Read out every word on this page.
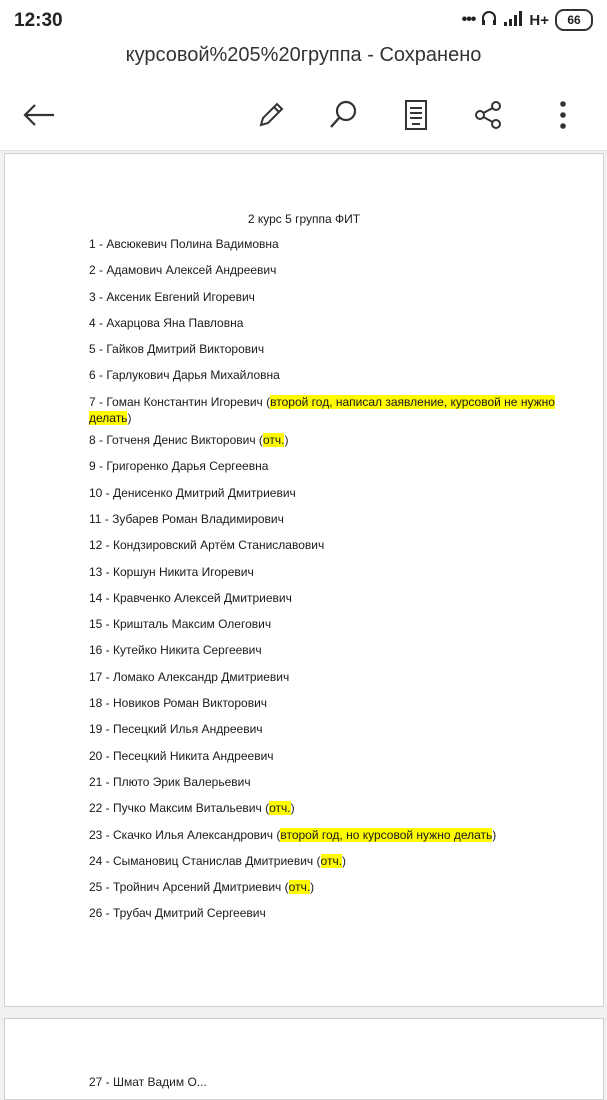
12:30	•••	H+	66
курсовой%205%20группа - Сохранено
2 курс 5 группа ФИТ
1 - Авсюкевич Полина Вадимовна
2 - Адамович Алексей Андреевич
3 - Аксеник Евгений Игоревич
4 - Ахарцова Яна Павловна
5 - Гайков Дмитрий Викторович
6 - Гарлукович Дарья Михайловна
7 - Гоман Константин Игоревич (второй год, написал заявление, курсовой не нужно делать)
8 - Готченя Денис Викторович (отч.)
9 - Григоренко Дарья Сергеевна
10 - Денисенко Дмитрий Дмитриевич
11 - Зубарев Роман Владимирович
12 - Кондзировский Артём Станиславович
13 - Коршун Никита Игоревич
14 - Кравченко Алексей Дмитриевич
15 - Кришталь Максим Олегович
16 - Кутейко Никита Сергеевич
17 - Ломако Александр Дмитриевич
18 - Новиков Роман Викторович
19 - Песецкий Илья Андреевич
20 - Песецкий Никита Андреевич
21 - Плюто Эрик Валерьевич
22 - Пучко Максим Витальевич (отч.)
23 - Скачко Илья Александрович (второй год, но курсовой нужно делать)
24 - Сымановиц Станислав Дмитриевич (отч.)
25 - Тройнич Арсений Дмитриевич (отч.)
26 - Трубач Дмитрий Сергеевич
27 - Шмат Вадим О...
